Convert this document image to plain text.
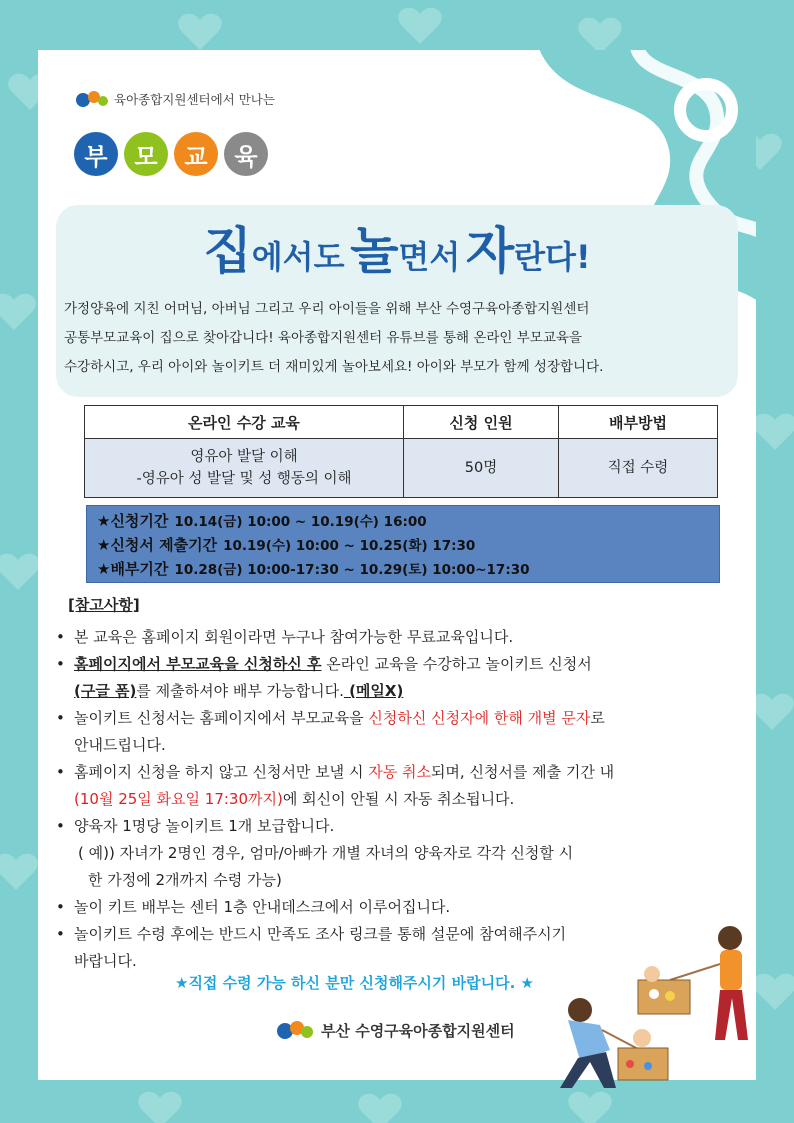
육아종합지원센터에서 만나는
부	모	교	육
집에서도 놀면서 자란다!
가정양육에 지친 어머님, 아버님 그리고 우리 아이들을 위해 부산 수영구육아종합지원센터
공통부모교육이 집으로 찾아갑니다! 육아종합지원센터 유튜브를 통해 온라인 부모교육을
수강하시고, 우리 아이와 놀이키트 더 재미있게 놀아보세요! 아이와 부모가 함께 성장합니다.
온라인 수강 교육	신청 인원	배부방법

영유아 발달 이해
-영유아 성 발달 및 성 행동의 이해	50명	직접 수령
★신청기간 10.14(금) 10:00 ~ 10.19(수) 16:00
★신청서 제출기간 10.19(수) 10:00 ~ 10.25(화) 17:30
★배부기간 10.28(금) 10:00-17:30 ~ 10.29(토) 10:00~17:30
[참고사항]
• 본 교육은 홈페이지 회원이라면 누구나 참여가능한 무료교육입니다.
• 홈페이지에서 부모교육을 신청하신 후 온라인 교육을 수강하고 놀이키트 신청서
(구글 폼)를 제출하셔야 배부 가능합니다. (메일X)
• 놀이키트 신청서는 홈페이지에서 부모교육을 신청하신 신청자에 한해 개별 문자로
안내드립니다.
• 홈페이지 신청을 하지 않고 신청서만 보낼 시 자동 취소되며, 신청서를 제출 기간 내
(10월 25일 화요일 17:30까지)에 회신이 안될 시 자동 취소됩니다.
• 양육자 1명당 놀이키트 1개 보급합니다.
( 예)) 자녀가 2명인 경우, 엄마/아빠가 개별 자녀의 양육자로 각각 신청할 시
한 가정에 2개까지 수령 가능)
• 놀이 키트 배부는 센터 1층 안내데스크에서 이루어집니다.
• 놀이키트 수령 후에는 반드시 만족도 조사 링크를 통해 설문에 참여해주시기
바랍니다.
★직접 수령 가능 하신 분만 신청해주시기 바랍니다. ★
부산 수영구육아종합지원센터
